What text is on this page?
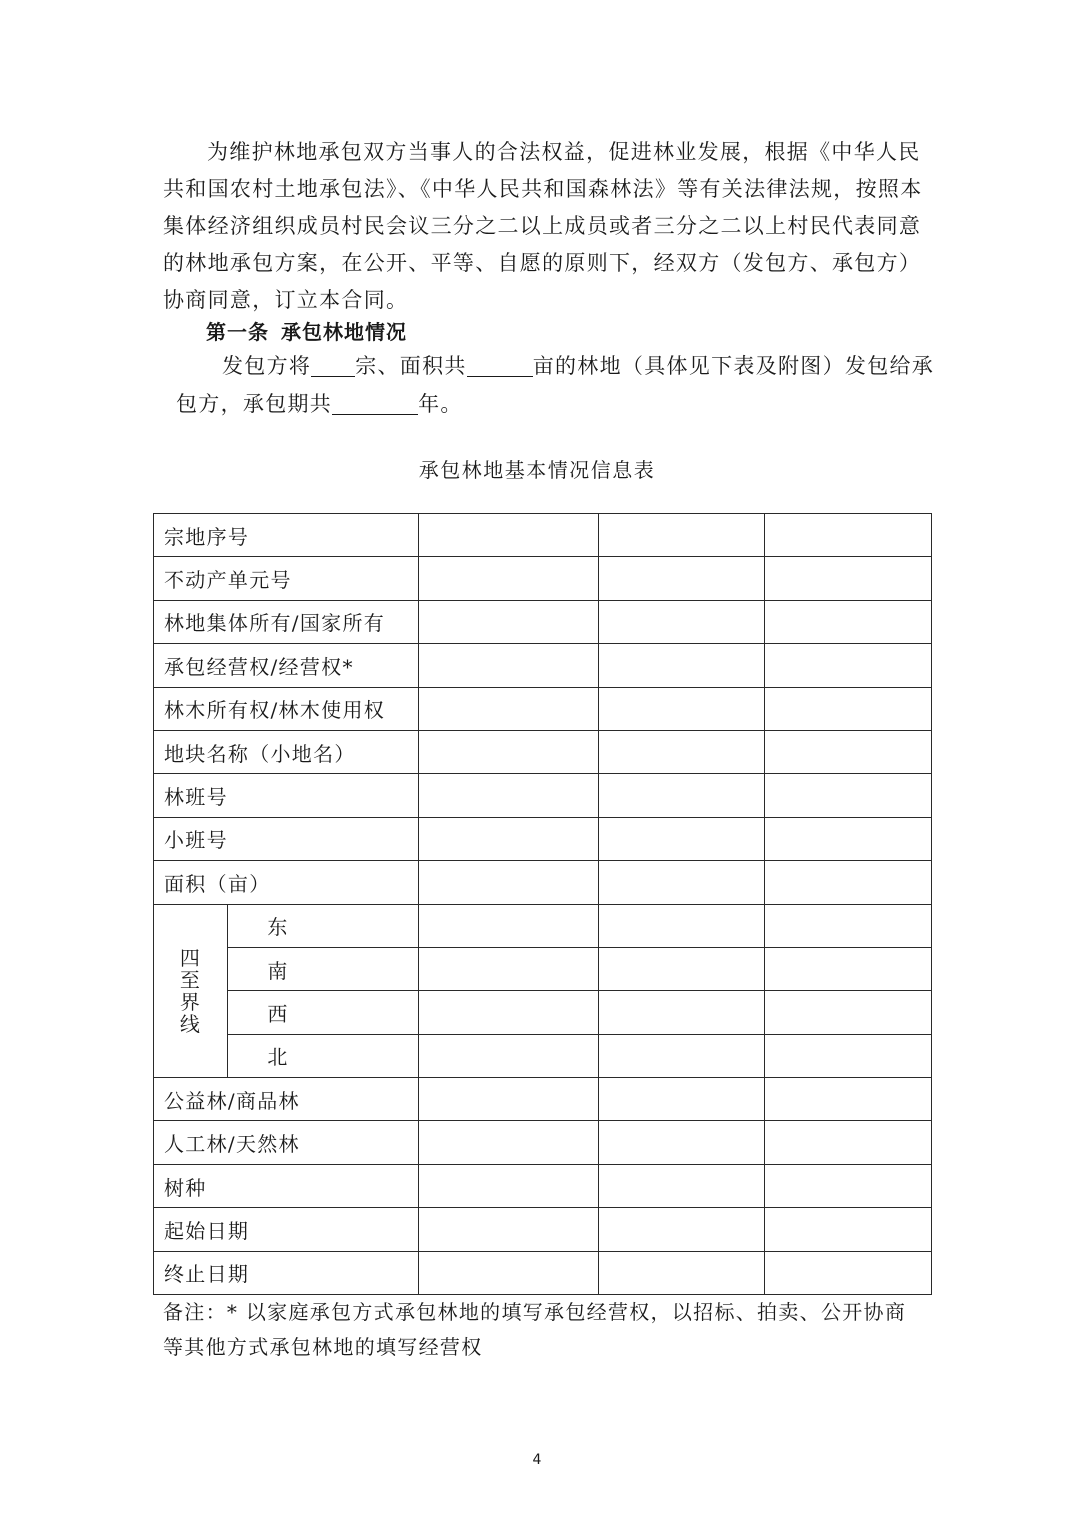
为维护林地承包双方当事人的合法权益，促进林业发展，根据《中华人民共和国农村土地承包法》、《中华人民共和国森林法》等有关法律法规，按照本集体经济组织成员村民会议三分之二以上成员或者三分之二以上村民代表同意的林地承包方案，在公开、平等、自愿的原则下，经双方（发包方、承包方）协商同意，订立本合同。

第一条 承包林地情况
发包方将 宗、面积共	亩的林地（具体见下表及附图）发包给承
包方，承包期共	年。
承包林地基本情况信息表
宗地序号				
不动产单元号				
林地集体所有/国家所有				
承包经营权/经营权*				
林木所有权/林木使用权				
地块名称（小地名）				
林班号				
小班号				
面积（亩）				

四
至
界
线	东			
	南			
	西			
	北			
公益林/商品林				
人工林/天然林				
树种				
起始日期				
终止日期				

备注：* 以家庭承包方式承包林地的填写承包经营权，以招标、拍卖、公开协商等其他方式承包林地的填写经营权

4
